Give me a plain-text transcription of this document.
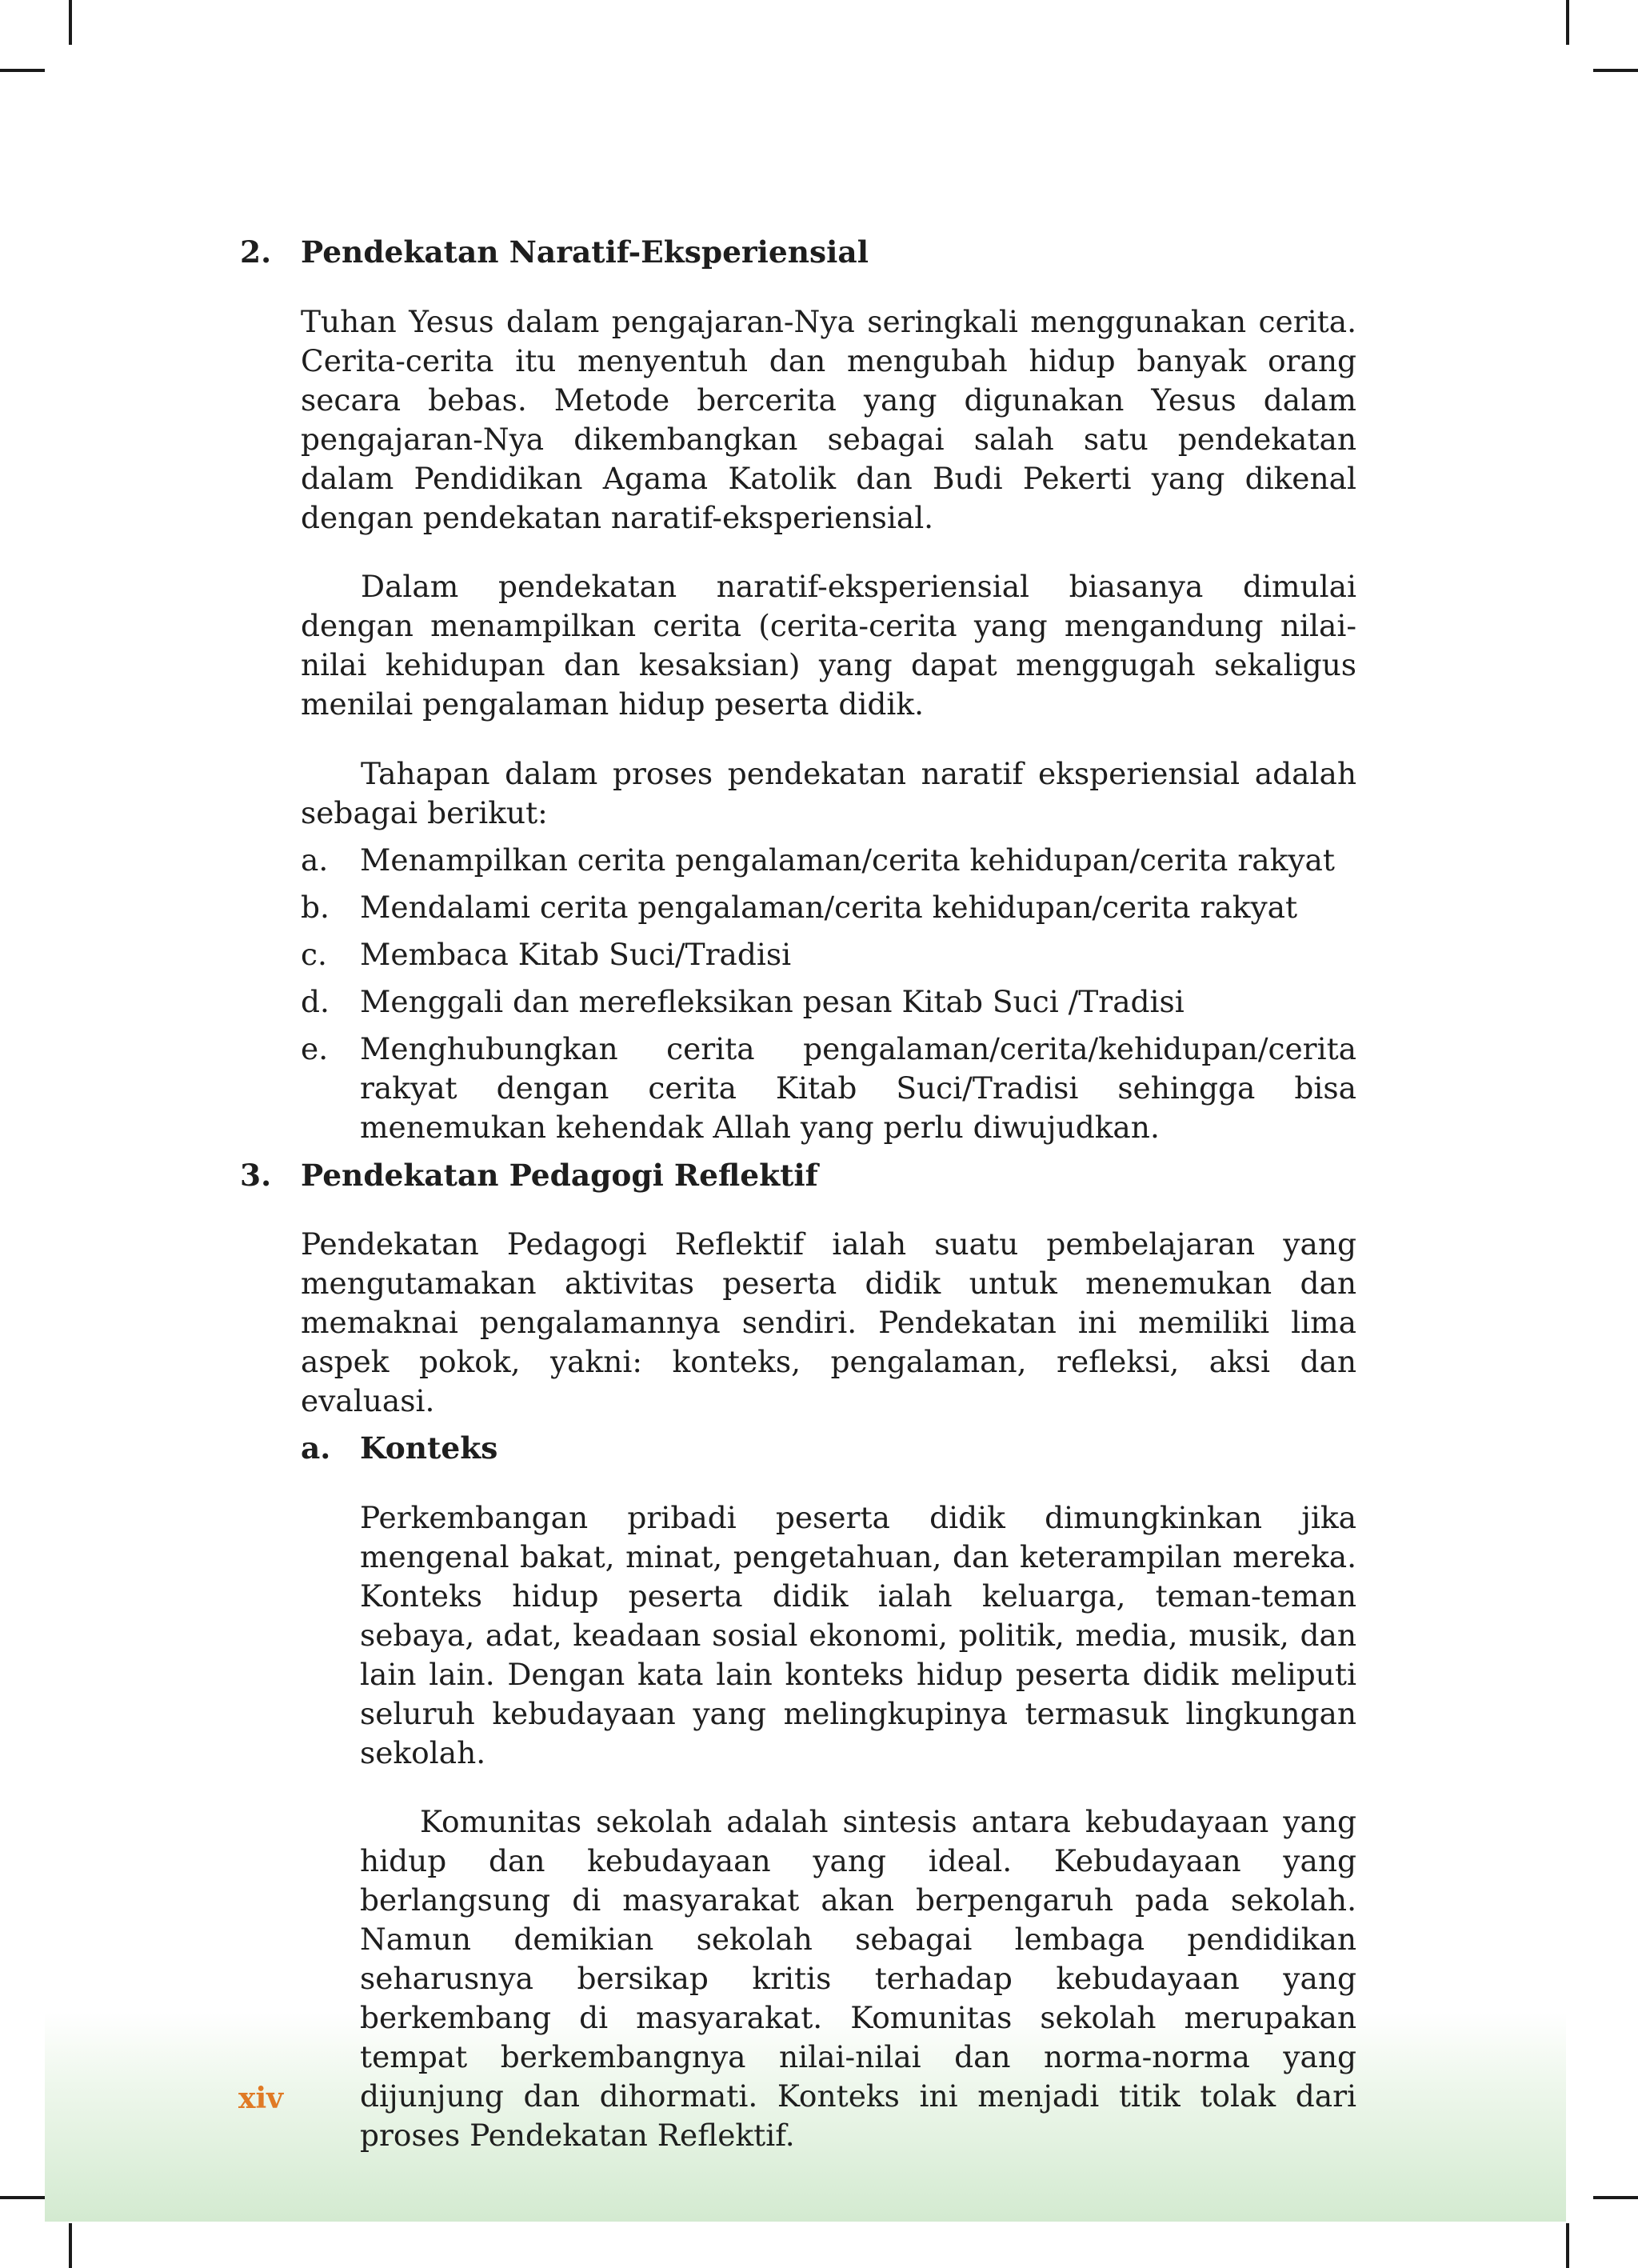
xiv
2. Pendekatan Naratif-Eksperiensial

Tuhan Yesus dalam pengajaran-Nya seringkali menggunakan cerita. Cerita-cerita itu menyentuh dan mengubah hidup banyak orang secara bebas. Metode bercerita yang digunakan Yesus dalam pengajaran-Nya dikembangkan sebagai salah satu pendekatan dalam Pendidikan Agama Katolik dan Budi Pekerti yang dikenal dengan pendekatan naratif-eksperiensial.

Dalam pendekatan naratif-eksperiensial biasanya dimulai dengan menampilkan cerita (cerita-cerita yang mengandung nilai-nilai kehidupan dan kesaksian) yang dapat menggugah sekaligus menilai pengalaman hidup peserta didik.

Tahapan dalam proses pendekatan naratif eksperiensial adalah sebagai berikut:

a. Menampilkan cerita pengalaman/cerita kehidupan/cerita rakyat
b. Mendalami cerita pengalaman/cerita kehidupan/cerita rakyat
c. Membaca Kitab Suci/Tradisi
d. Menggali dan merefleksikan pesan Kitab Suci /Tradisi
e. Menghubungkan cerita pengalaman/cerita/kehidupan/cerita rakyat dengan cerita Kitab Suci/Tradisi sehingga bisa menemukan kehendak Allah yang perlu diwujudkan.
3. Pendekatan Pedagogi Reflektif

Pendekatan Pedagogi Reflektif ialah suatu pembelajaran yang mengutamakan aktivitas peserta didik untuk menemukan dan memaknai pengalamannya sendiri. Pendekatan ini memiliki lima aspek pokok, yakni: konteks, pengalaman, refleksi, aksi dan evaluasi.

a. Konteks

Perkembangan pribadi peserta didik dimungkinkan jika mengenal bakat, minat, pengetahuan, dan keterampilan mereka. Konteks hidup peserta didik ialah keluarga, teman-teman sebaya, adat, keadaan sosial ekonomi, politik, media, musik, dan lain lain. Dengan kata lain konteks hidup peserta didik meliputi seluruh kebudayaan yang melingkupinya termasuk lingkungan sekolah.

Komunitas sekolah adalah sintesis antara kebudayaan yang hidup dan kebudayaan yang ideal. Kebudayaan yang berlangsung di masyarakat akan berpengaruh pada sekolah. Namun demikian sekolah sebagai lembaga pendidikan seharusnya bersikap kritis terhadap kebudayaan yang berkembang di masyarakat. Komunitas sekolah merupakan tempat berkembangnya nilai-nilai dan norma-norma yang dijunjung dan dihormati. Konteks ini menjadi titik tolak dari proses Pendekatan Reflektif.
